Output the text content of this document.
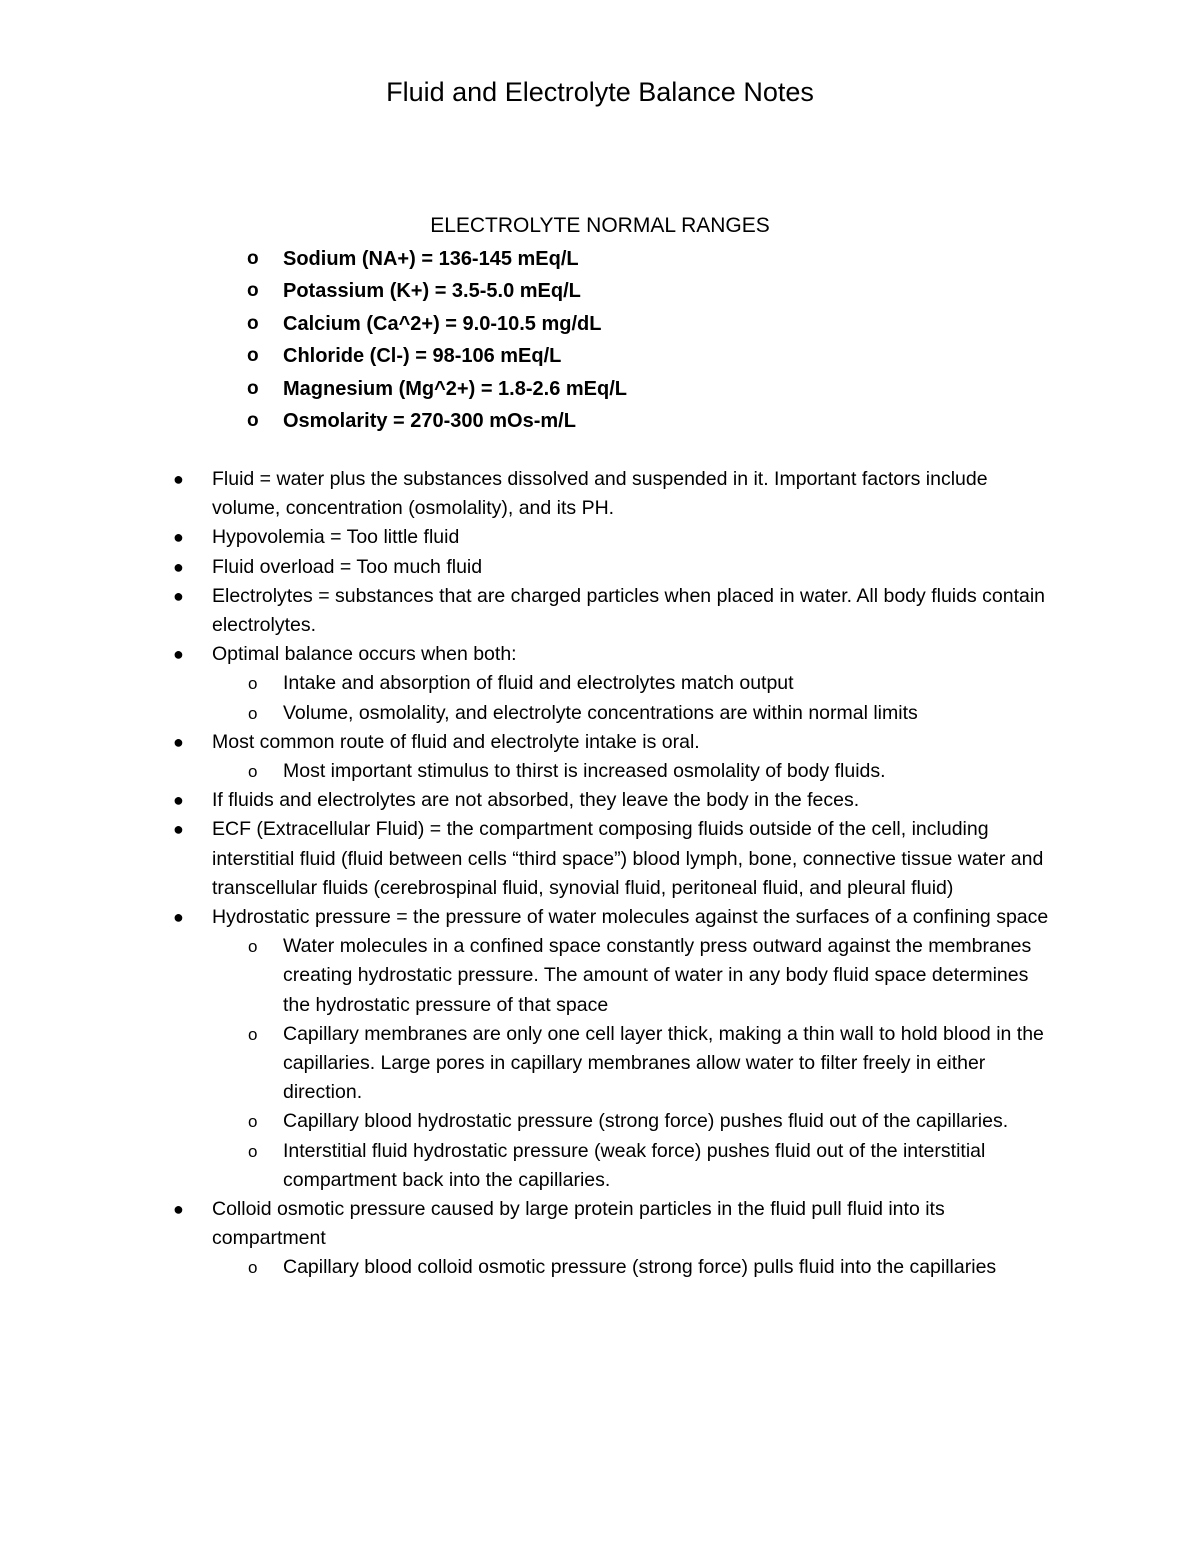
Fluid and Electrolyte Balance Notes
ELECTROLYTE NORMAL RANGES
o Sodium (NA+) = 136-145 mEq/L
o Potassium (K+) = 3.5-5.0 mEq/L
o Calcium (Ca^2+) = 9.0-10.5 mg/dL
o Chloride (Cl-) = 98-106 mEq/L
o Magnesium (Mg^2+) = 1.8-2.6 mEq/L
o Osmolarity = 270-300 mOs-m/L
● Fluid = water plus the substances dissolved and suspended in it. Important factors include volume, concentration (osmolality), and its PH.
● Hypovolemia = Too little fluid
● Fluid overload = Too much fluid
● Electrolytes = substances that are charged particles when placed in water. All body fluids contain electrolytes.
● Optimal balance occurs when both:
o Intake and absorption of fluid and electrolytes match output
o Volume, osmolality, and electrolyte concentrations are within normal limits
● Most common route of fluid and electrolyte intake is oral.
o Most important stimulus to thirst is increased osmolality of body fluids.
● If fluids and electrolytes are not absorbed, they leave the body in the feces.
● ECF (Extracellular Fluid) = the compartment composing fluids outside of the cell, including interstitial fluid (fluid between cells “third space”) blood lymph, bone, connective tissue water and transcellular fluids (cerebrospinal fluid, synovial fluid, peritoneal fluid, and pleural fluid)
● Hydrostatic pressure = the pressure of water molecules against the surfaces of a confining space
o Water molecules in a confined space constantly press outward against the membranes creating hydrostatic pressure. The amount of water in any body fluid space determines the hydrostatic pressure of that space
o Capillary membranes are only one cell layer thick, making a thin wall to hold blood in the capillaries. Large pores in capillary membranes allow water to filter freely in either direction.
o Capillary blood hydrostatic pressure (strong force) pushes fluid out of the capillaries.
o Interstitial fluid hydrostatic pressure (weak force) pushes fluid out of the interstitial compartment back into the capillaries.
● Colloid osmotic pressure caused by large protein particles in the fluid pull fluid into its compartment
o Capillary blood colloid osmotic pressure (strong force) pulls fluid into the capillaries
